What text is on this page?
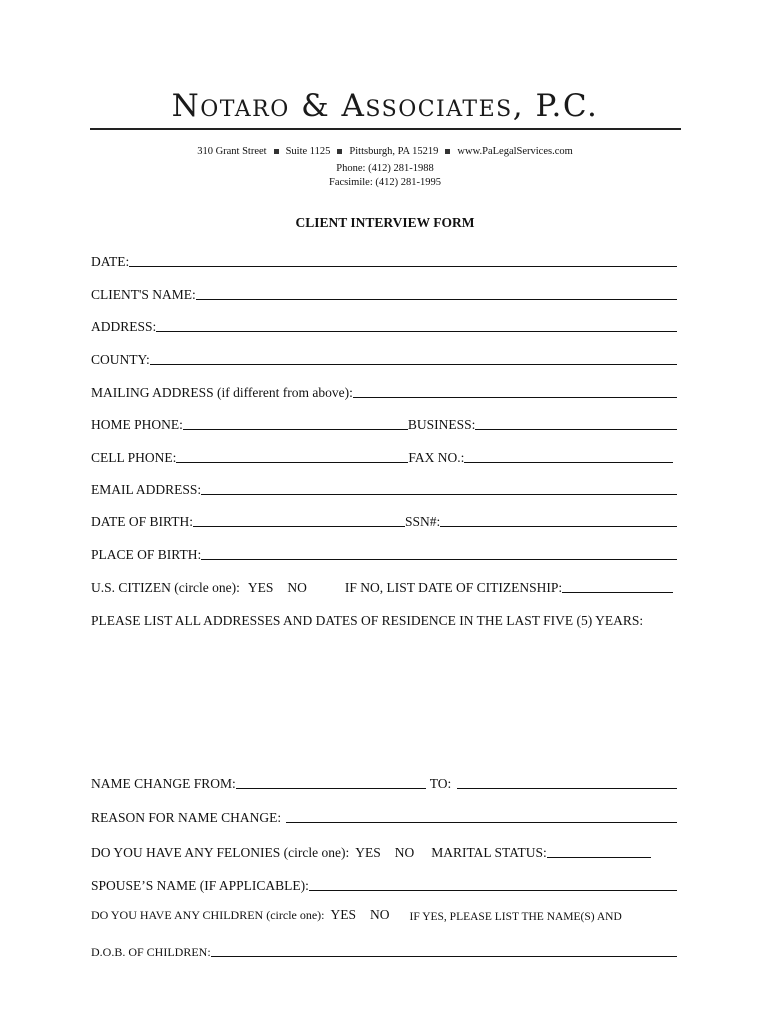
Notaro & Associates, P.C.
310 Grant Street Suite 1125 Pittsburgh, PA 15219 www.PaLegalServices.com
Phone: (412) 281-1988
Facsimile: (412) 281-1995
CLIENT INTERVIEW FORM
DATE:
CLIENT'S NAME:
ADDRESS:
COUNTY:
MAILING ADDRESS (if different from above):
HOME PHONE:	BUSINESS:
CELL PHONE:	FAX NO.:
EMAIL ADDRESS:
DATE OF BIRTH:	SSN#:
PLACE OF BIRTH:
U.S. CITIZEN (circle one): YES NO	IF NO, LIST DATE OF CITIZENSHIP:
PLEASE LIST ALL ADDRESSES AND DATES OF RESIDENCE IN THE LAST FIVE (5) YEARS:
NAME CHANGE FROM:	TO:
REASON FOR NAME CHANGE:
DO YOU HAVE ANY FELONIES (circle one): YES NO MARITAL STATUS:
SPOUSE’S NAME (IF APPLICABLE):
DO YOU HAVE ANY CHILDREN (circle one): YES NO IF YES, PLEASE LIST THE NAME(S) AND
D.O.B. OF CHILDREN:
